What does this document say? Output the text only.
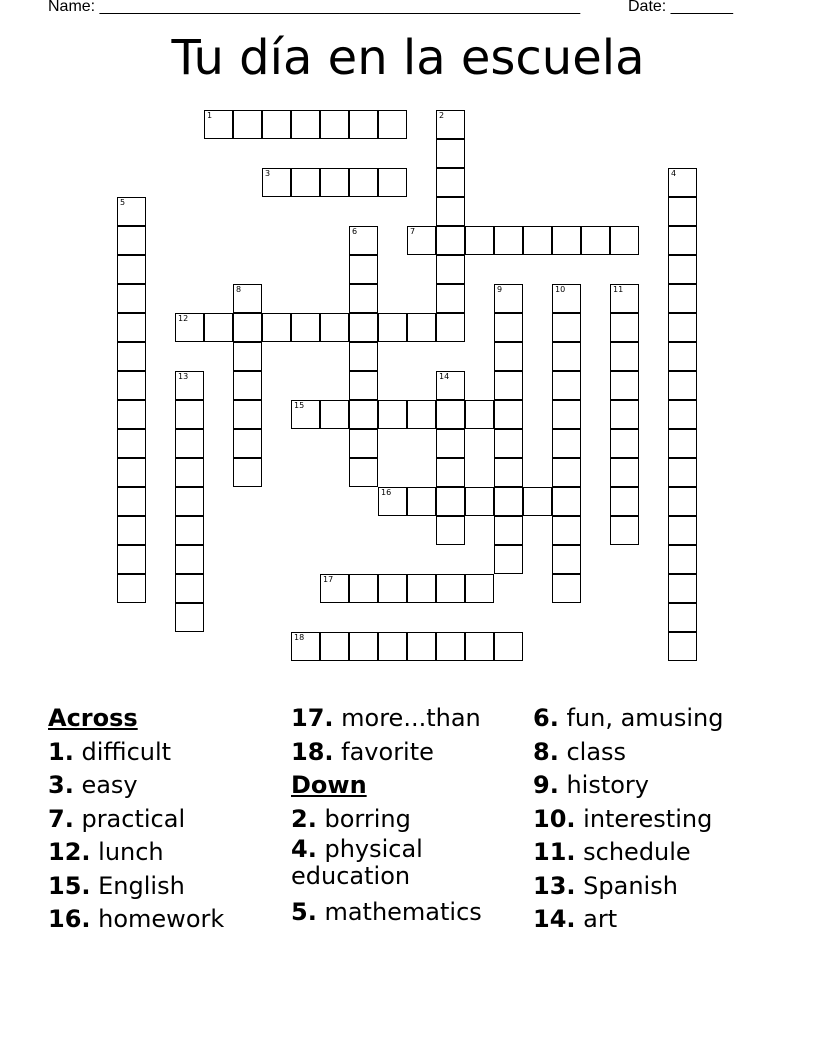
Name: ______________________________________________________	Date: _______
Tu día en la escuela
1	2
3	4
5
6	7
8	9	10	11
12
13	14
15
16
17
18
Across
1. difficult
3. easy
7. practical
12. lunch
15. English
16. homework
17. more...than
18. favorite
Down
2. borring
4. physical education
5. mathematics
6. fun, amusing
8. class
9. history
10. interesting
11. schedule
13. Spanish
14. art
